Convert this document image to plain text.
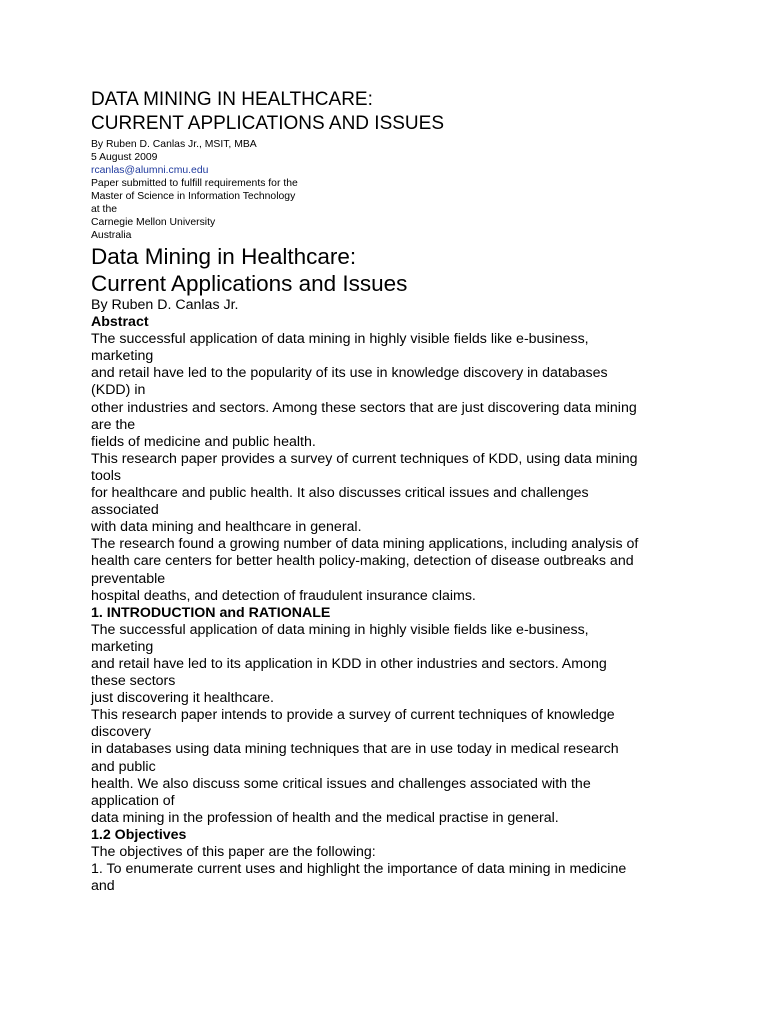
DATA MINING IN HEALTHCARE:
CURRENT APPLICATIONS AND ISSUES
By Ruben D. Canlas Jr., MSIT, MBA
5 August 2009
rcanlas@alumni.cmu.edu
Paper submitted to fulfill requirements for the
Master of Science in Information Technology
at the
Carnegie Mellon University
Australia
Data Mining in Healthcare:
Current Applications and Issues
By Ruben D. Canlas Jr.
Abstract
The successful application of data mining in highly visible fields like e-business,
marketing
and retail have led to the popularity of its use in knowledge discovery in databases
(KDD) in
other industries and sectors. Among these sectors that are just discovering data mining
are the
fields of medicine and public health.
This research paper provides a survey of current techniques of KDD, using data mining
tools
for healthcare and public health. It also discusses critical issues and challenges
associated
with data mining and healthcare in general.
The research found a growing number of data mining applications, including analysis of
health care centers for better health policy-making, detection of disease outbreaks and
preventable
hospital deaths, and detection of fraudulent insurance claims.
1. INTRODUCTION and RATIONALE
The successful application of data mining in highly visible fields like e-business,
marketing
and retail have led to its application in KDD in other industries and sectors. Among
these sectors
just discovering it healthcare.
This research paper intends to provide a survey of current techniques of knowledge
discovery
in databases using data mining techniques that are in use today in medical research
and public
health. We also discuss some critical issues and challenges associated with the
application of
data mining in the profession of health and the medical practise in general.
1.2 Objectives
The objectives of this paper are the following:
1. To enumerate current uses and highlight the importance of data mining in medicine
and
